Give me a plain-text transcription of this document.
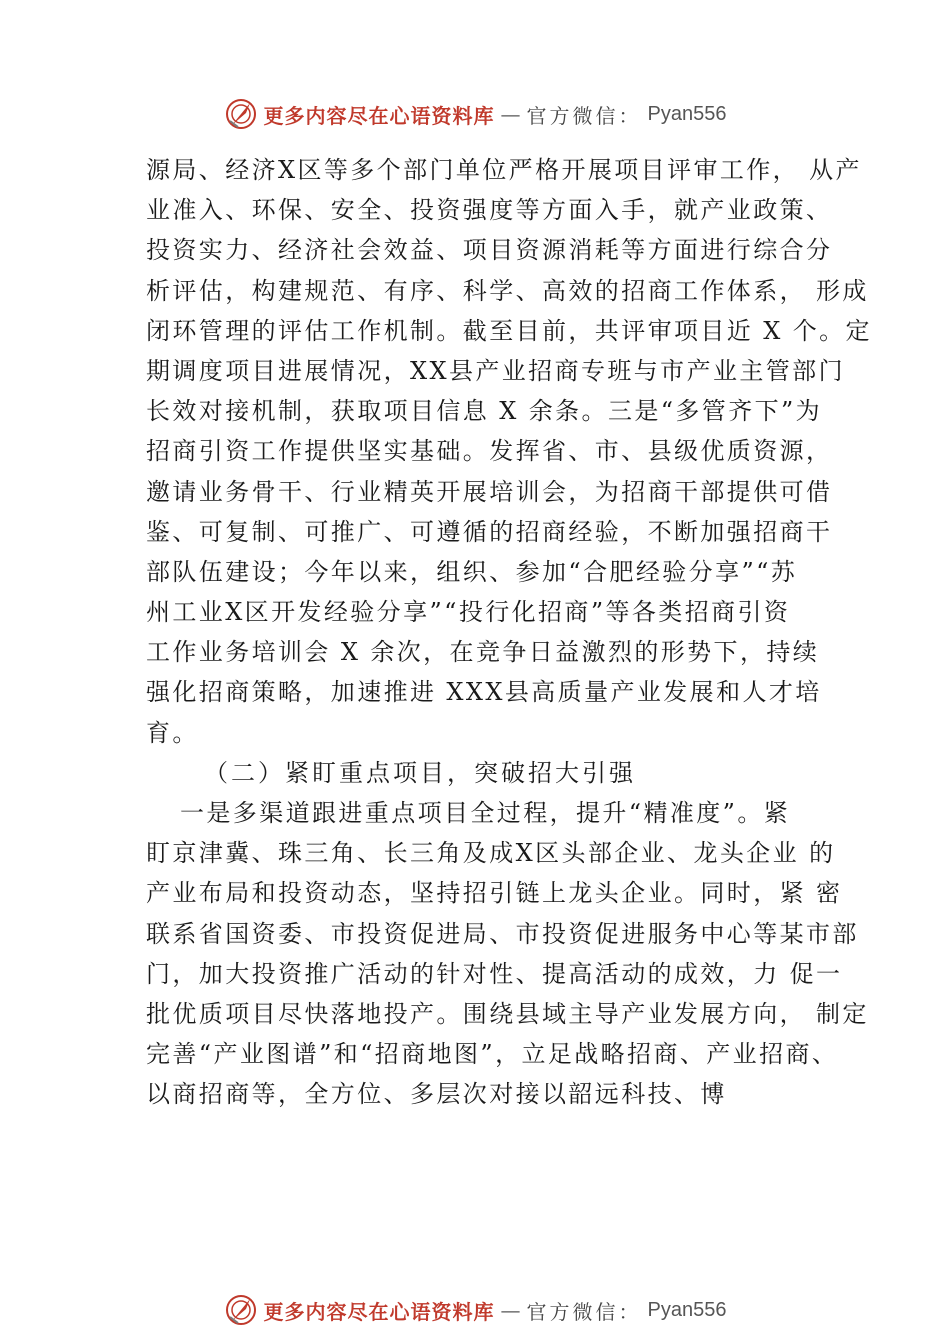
更多内容尽在心语资料库 — 官方微信： Pyan556
源局、经济X区等多个部门单位严格开展项目评审工作， 从产
业准入、环保、安全、投资强度等方面入手，就产业政策、
投资实力、经济社会效益、项目资源消耗等方面进行综合分
析评估，构建规范、有序、科学、高效的招商工作体系， 形成
闭环管理的评估工作机制。截至目前，共评审项目近 X 个。定
期调度项目进展情况，XX县产业招商专班与市产业主管部门
长效对接机制，获取项目信息 X 余条。三是“多管齐下”为
招商引资工作提供坚实基础。发挥省、市、县级优质资源，
邀请业务骨干、行业精英开展培训会，为招商干部提供可借
鉴、可复制、可推广、可遵循的招商经验，不断加强招商干
部队伍建设；今年以来，组织、参加“合肥经验分享”“苏
州工业X区开发经验分享”“投行化招商”等各类招商引资
工作业务培训会 X 余次，在竞争日益激烈的形势下，持续
强化招商策略，加速推进 XXX县高质量产业发展和人才培
育。
（二）紧盯重点项目，突破招大引强
一是多渠道跟进重点项目全过程，提升“精准度”。紧
盯京津冀、珠三角、长三角及成X区头部企业、龙头企业 的
产业布局和投资动态，坚持招引链上龙头企业。同时，紧 密
联系省国资委、市投资促进局、市投资促进服务中心等某市部
门，加大投资推广活动的针对性、提高活动的成效，力 促一
批优质项目尽快落地投产。围绕县域主导产业发展方向， 制定
完善“产业图谱”和“招商地图”，立足战略招商、产业招商、
以商招商等，全方位、多层次对接以韶远科技、博
更多内容尽在心语资料库 — 官方微信： Pyan556
